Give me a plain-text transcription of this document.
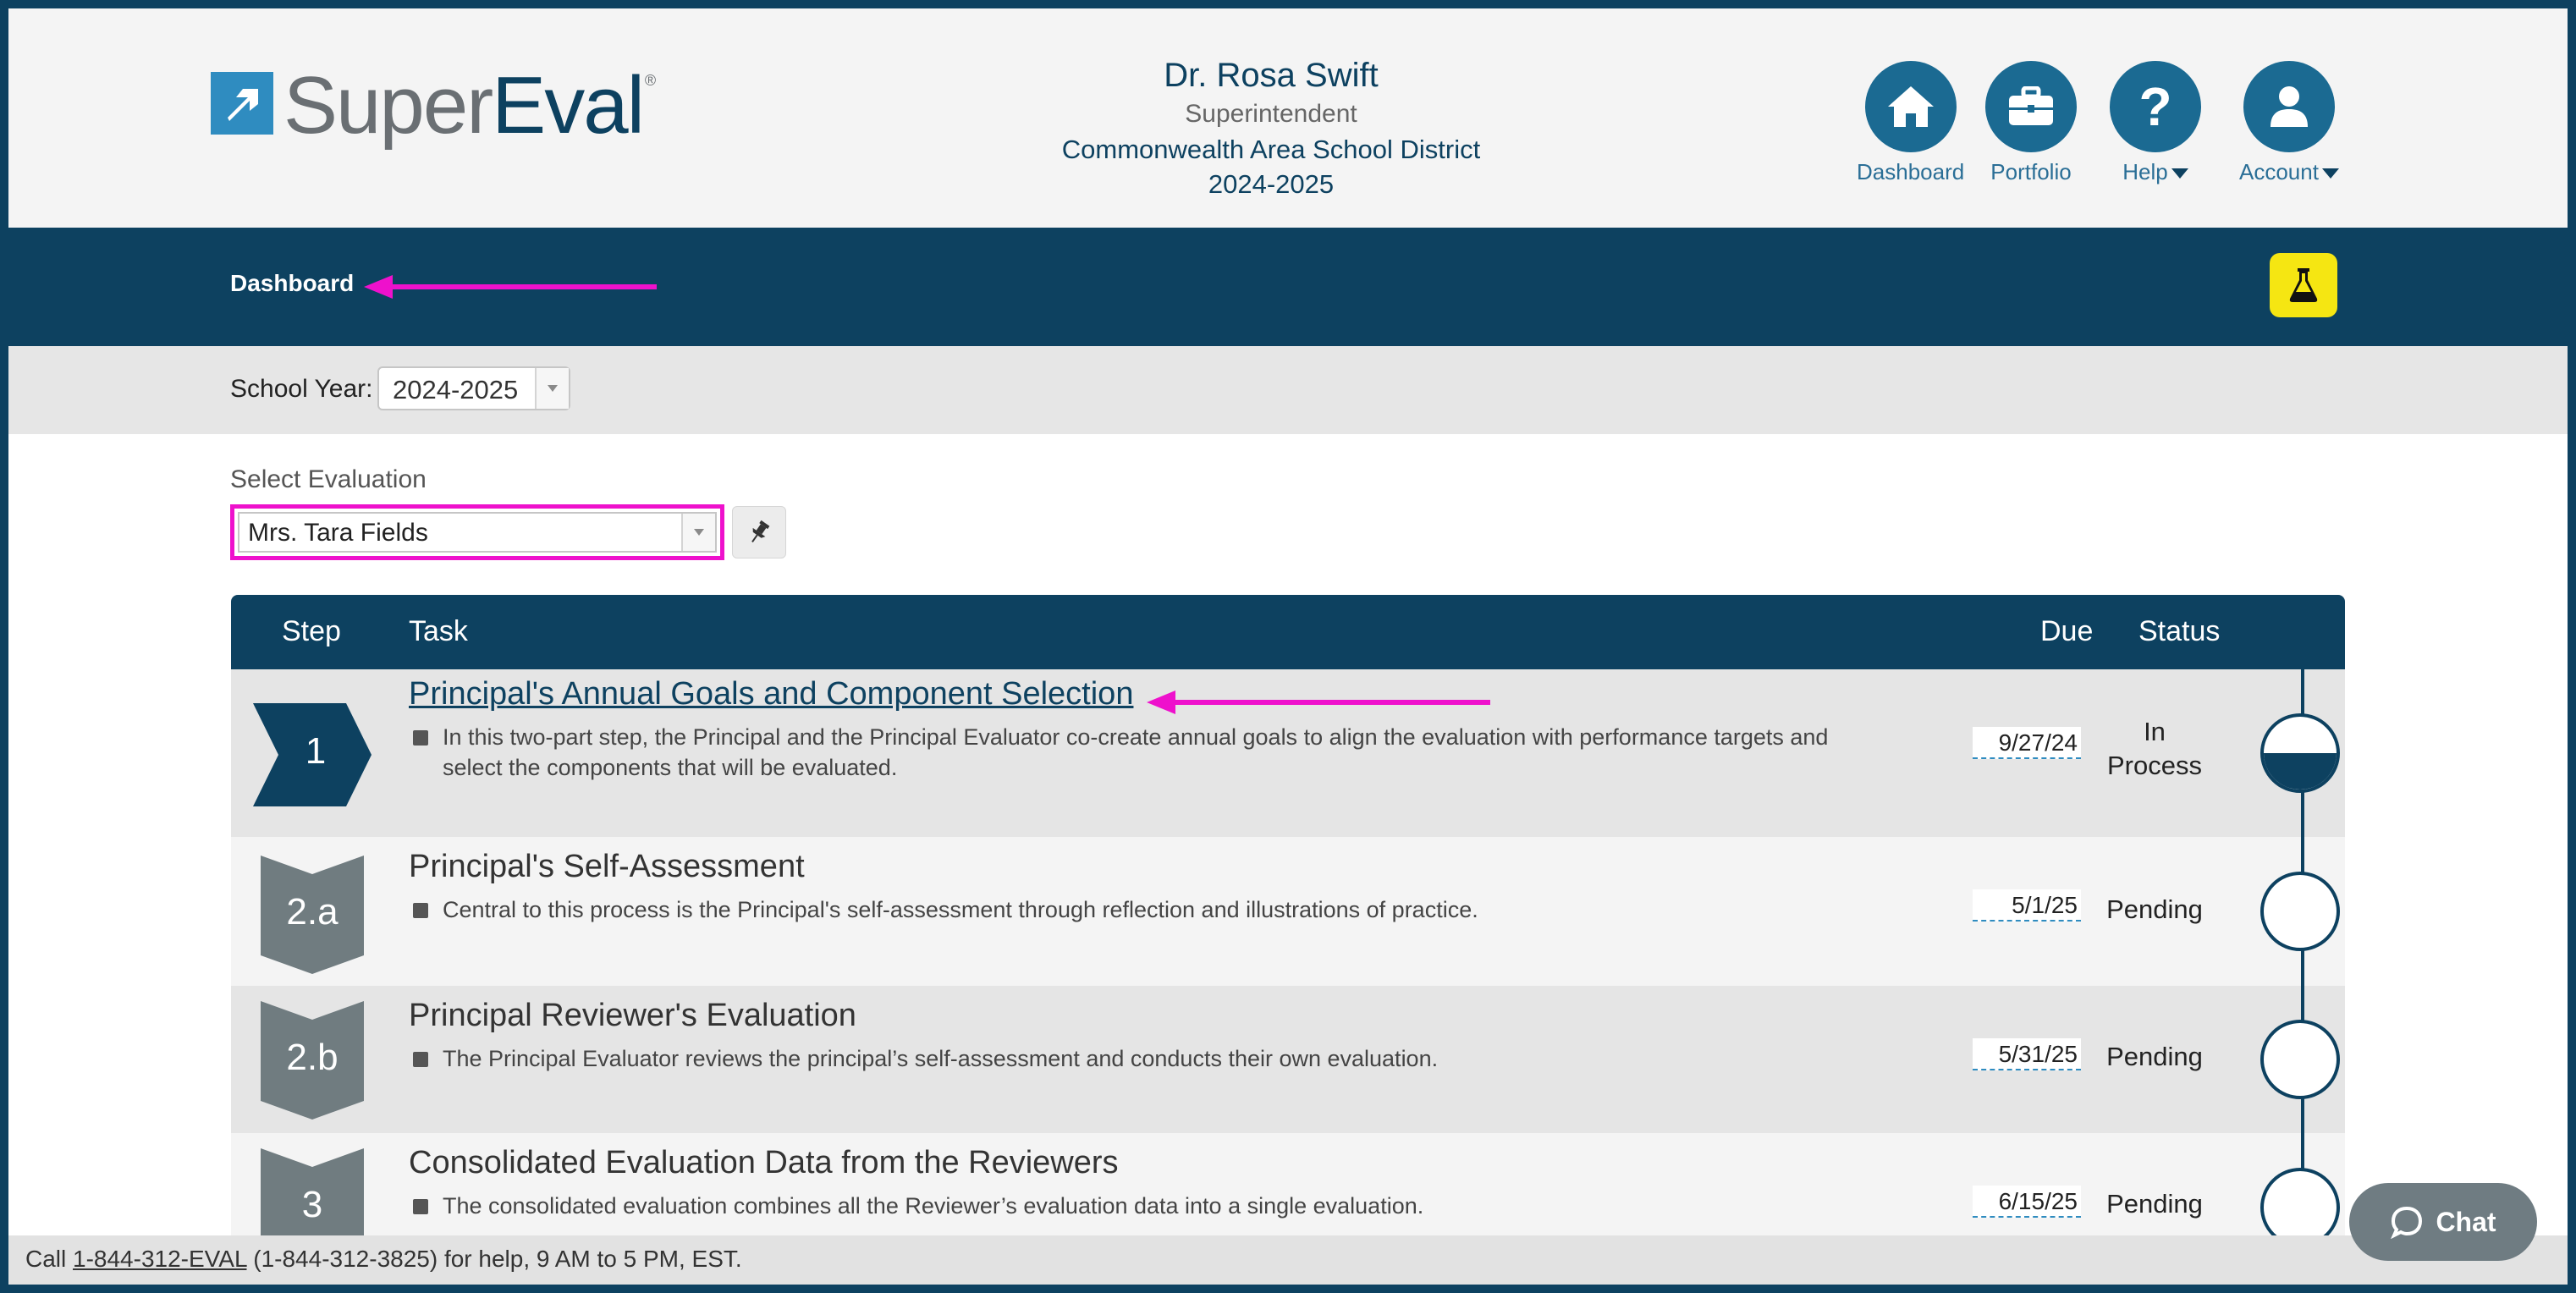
SuperEval ®	Dr. Rosa Swift
Superintendent
Commonwealth Area School District
2024-2025	Dashboard Portfolio
?
Help	Account
Dashboard
School Year: 2024-2025
Select Evaluation
Mrs. Tara Fields
Step Task	Due Status
1
Principal's Annual Goals and Component Selection
In this two-part step, the Principal and the Principal Evaluator co-create annual goals to align the evaluation with performance targets and select the components that will be evaluated.
9/27/24	In
Process
2.a
Principal's Self-Assessment
Central to this process is the Principal's self-assessment through reflection and illustrations of practice.	5/1/25	Pending
2.b
Principal Reviewer's Evaluation
The Principal Evaluator reviews the principal’s self-assessment and conducts their own evaluation.	5/31/25	Pending
3
Consolidated Evaluation Data from the Reviewers
The consolidated evaluation combines all the Reviewer’s evaluation data into a single evaluation.	6/15/25	Pending
Call 1-844-312-EVAL (1-844-312-3825) for help, 9 AM to 5 PM, EST.
Chat
